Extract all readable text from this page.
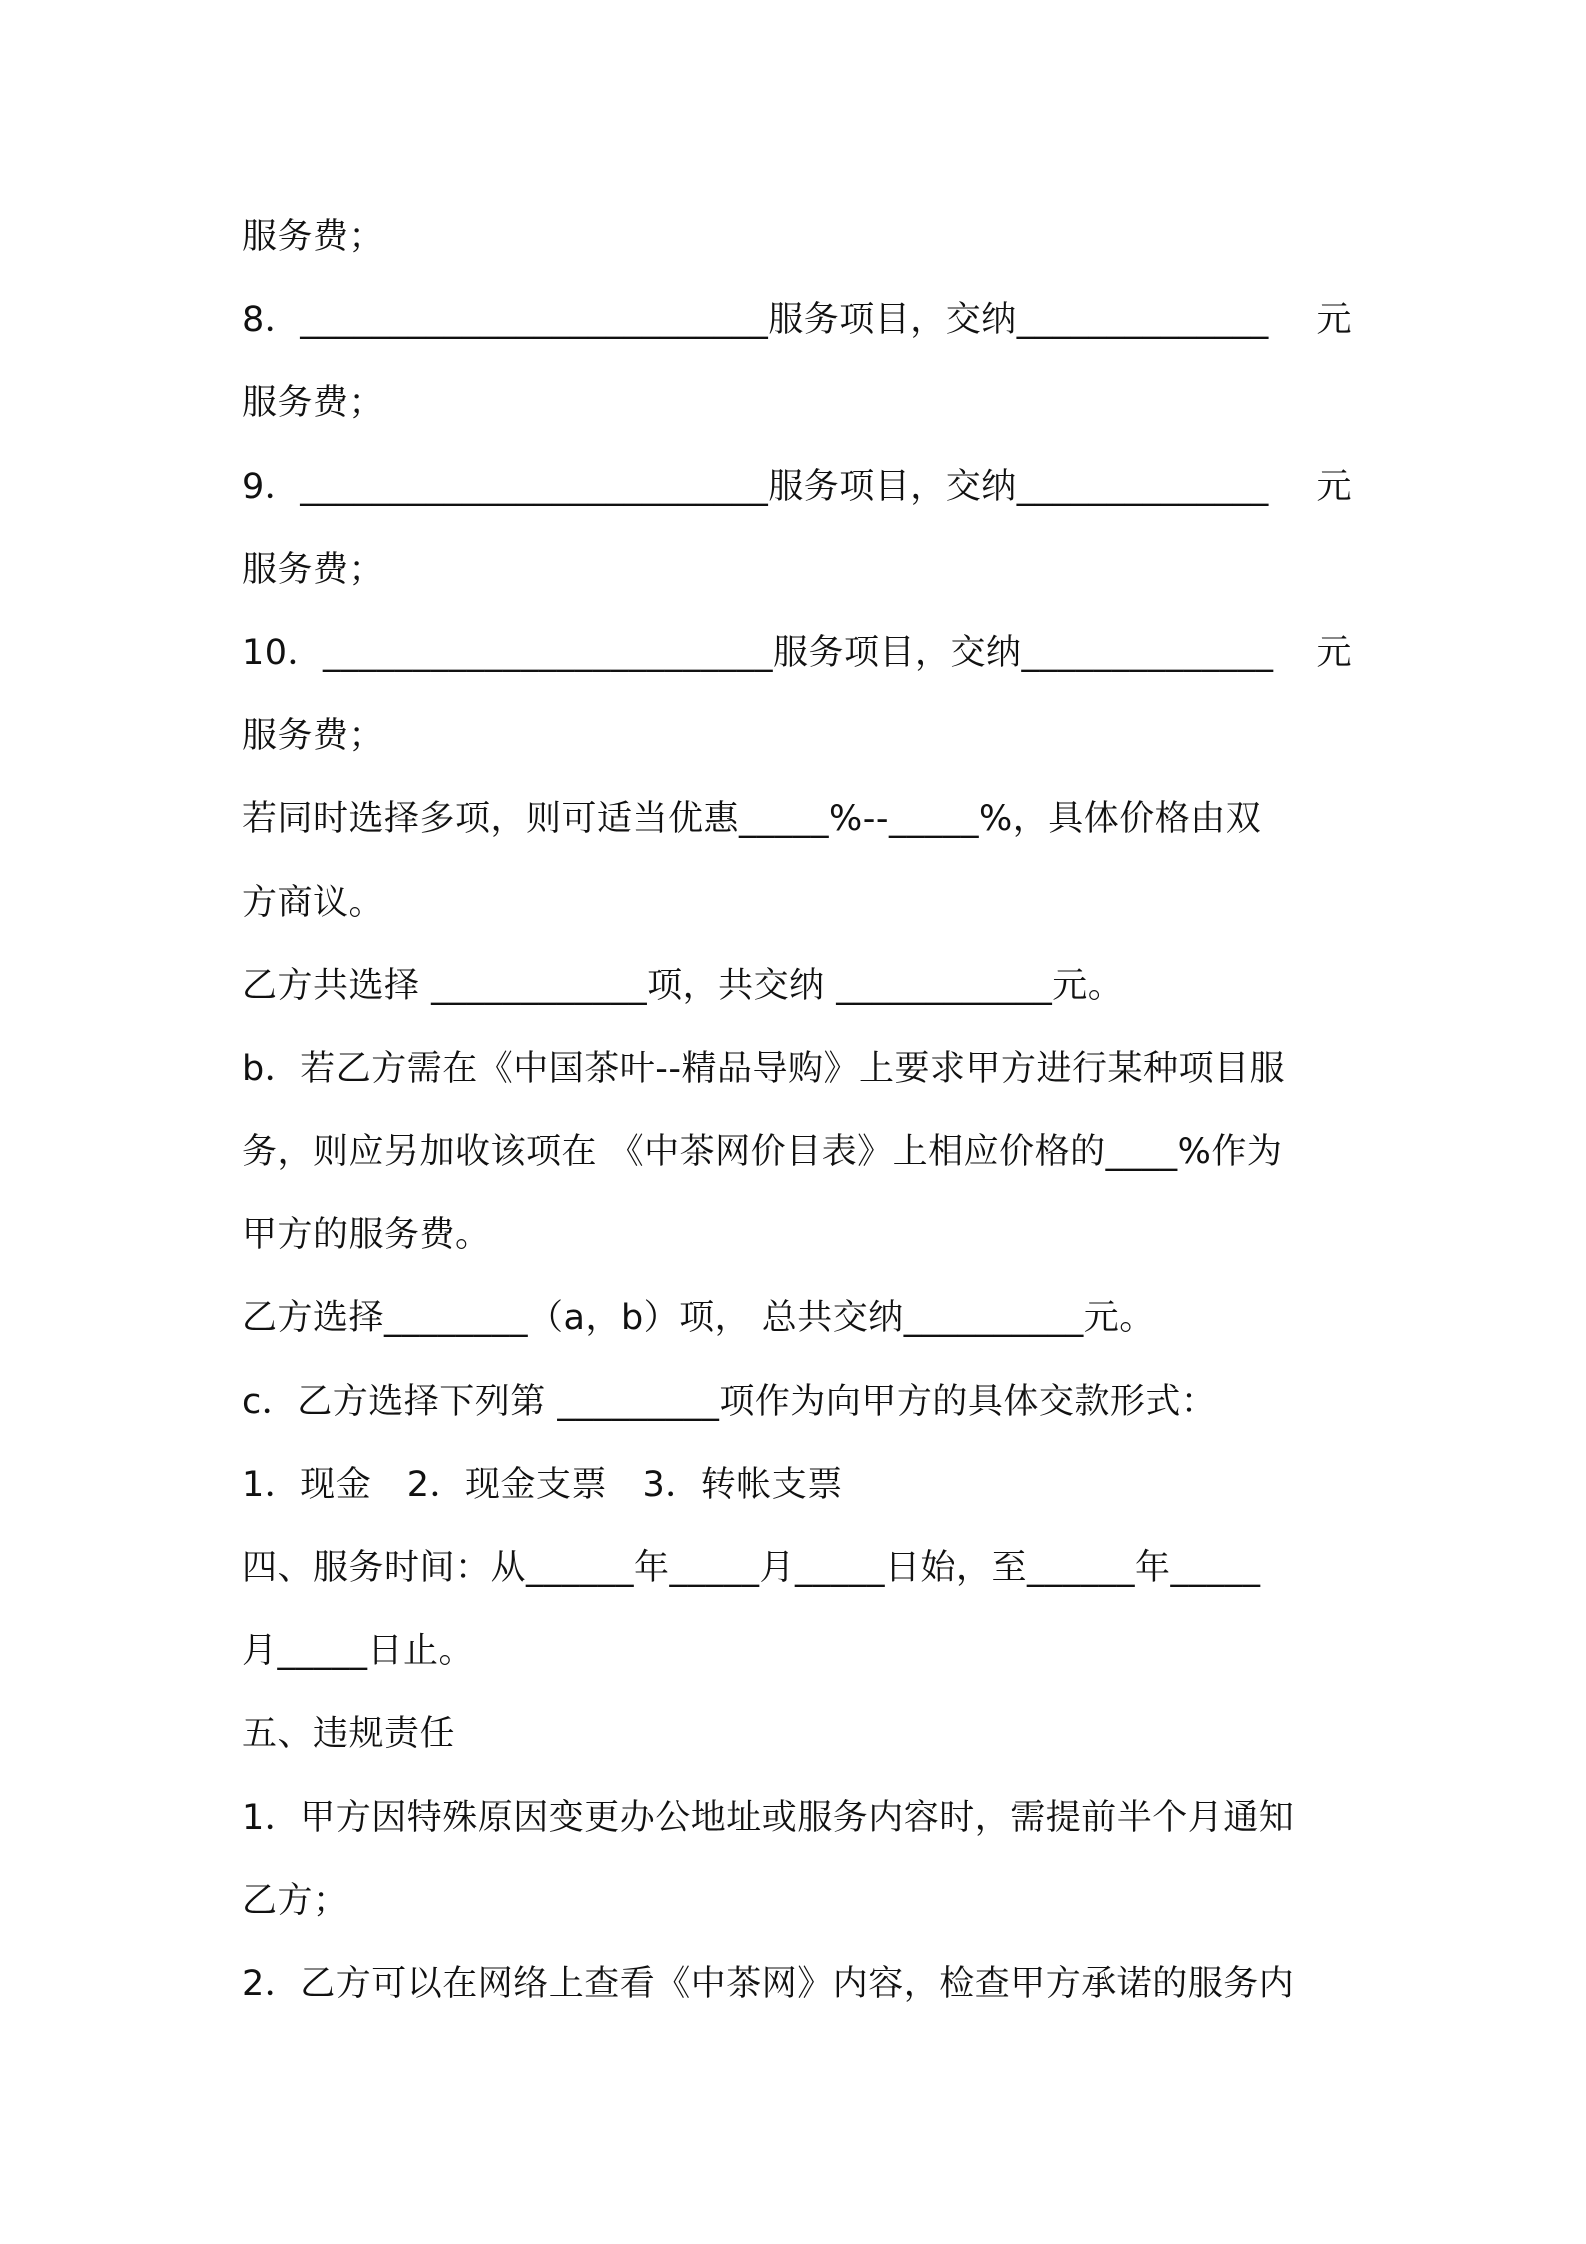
服务费；
8．__________________________服务项目，交纳______________ 元
服务费；
9．__________________________服务项目，交纳______________ 元
服务费；
10．_________________________服务项目，交纳______________ 元
服务费；
若同时选择多项，则可适当优惠_____%--_____%，具体价格由双
方商议。
乙方共选择 ____________项，共交纳 ____________元。
b．若乙方需在《中国茶叶--精品导购》上要求甲方进行某种项目服
务，则应另加收该项在 《中茶网价目表》上相应价格的____%作为
甲方的服务费。
乙方选择________（a，b）项， 总共交纳__________元。
c．乙方选择下列第 _________项作为向甲方的具体交款形式：
1．现金　2．现金支票　3．转帐支票
四、服务时间：从______年_____月_____日始，至______年_____
月_____日止。
五、违规责任
1．甲方因特殊原因变更办公地址或服务内容时，需提前半个月通知
乙方；
2．乙方可以在网络上查看《中茶网》内容，检查甲方承诺的服务内
